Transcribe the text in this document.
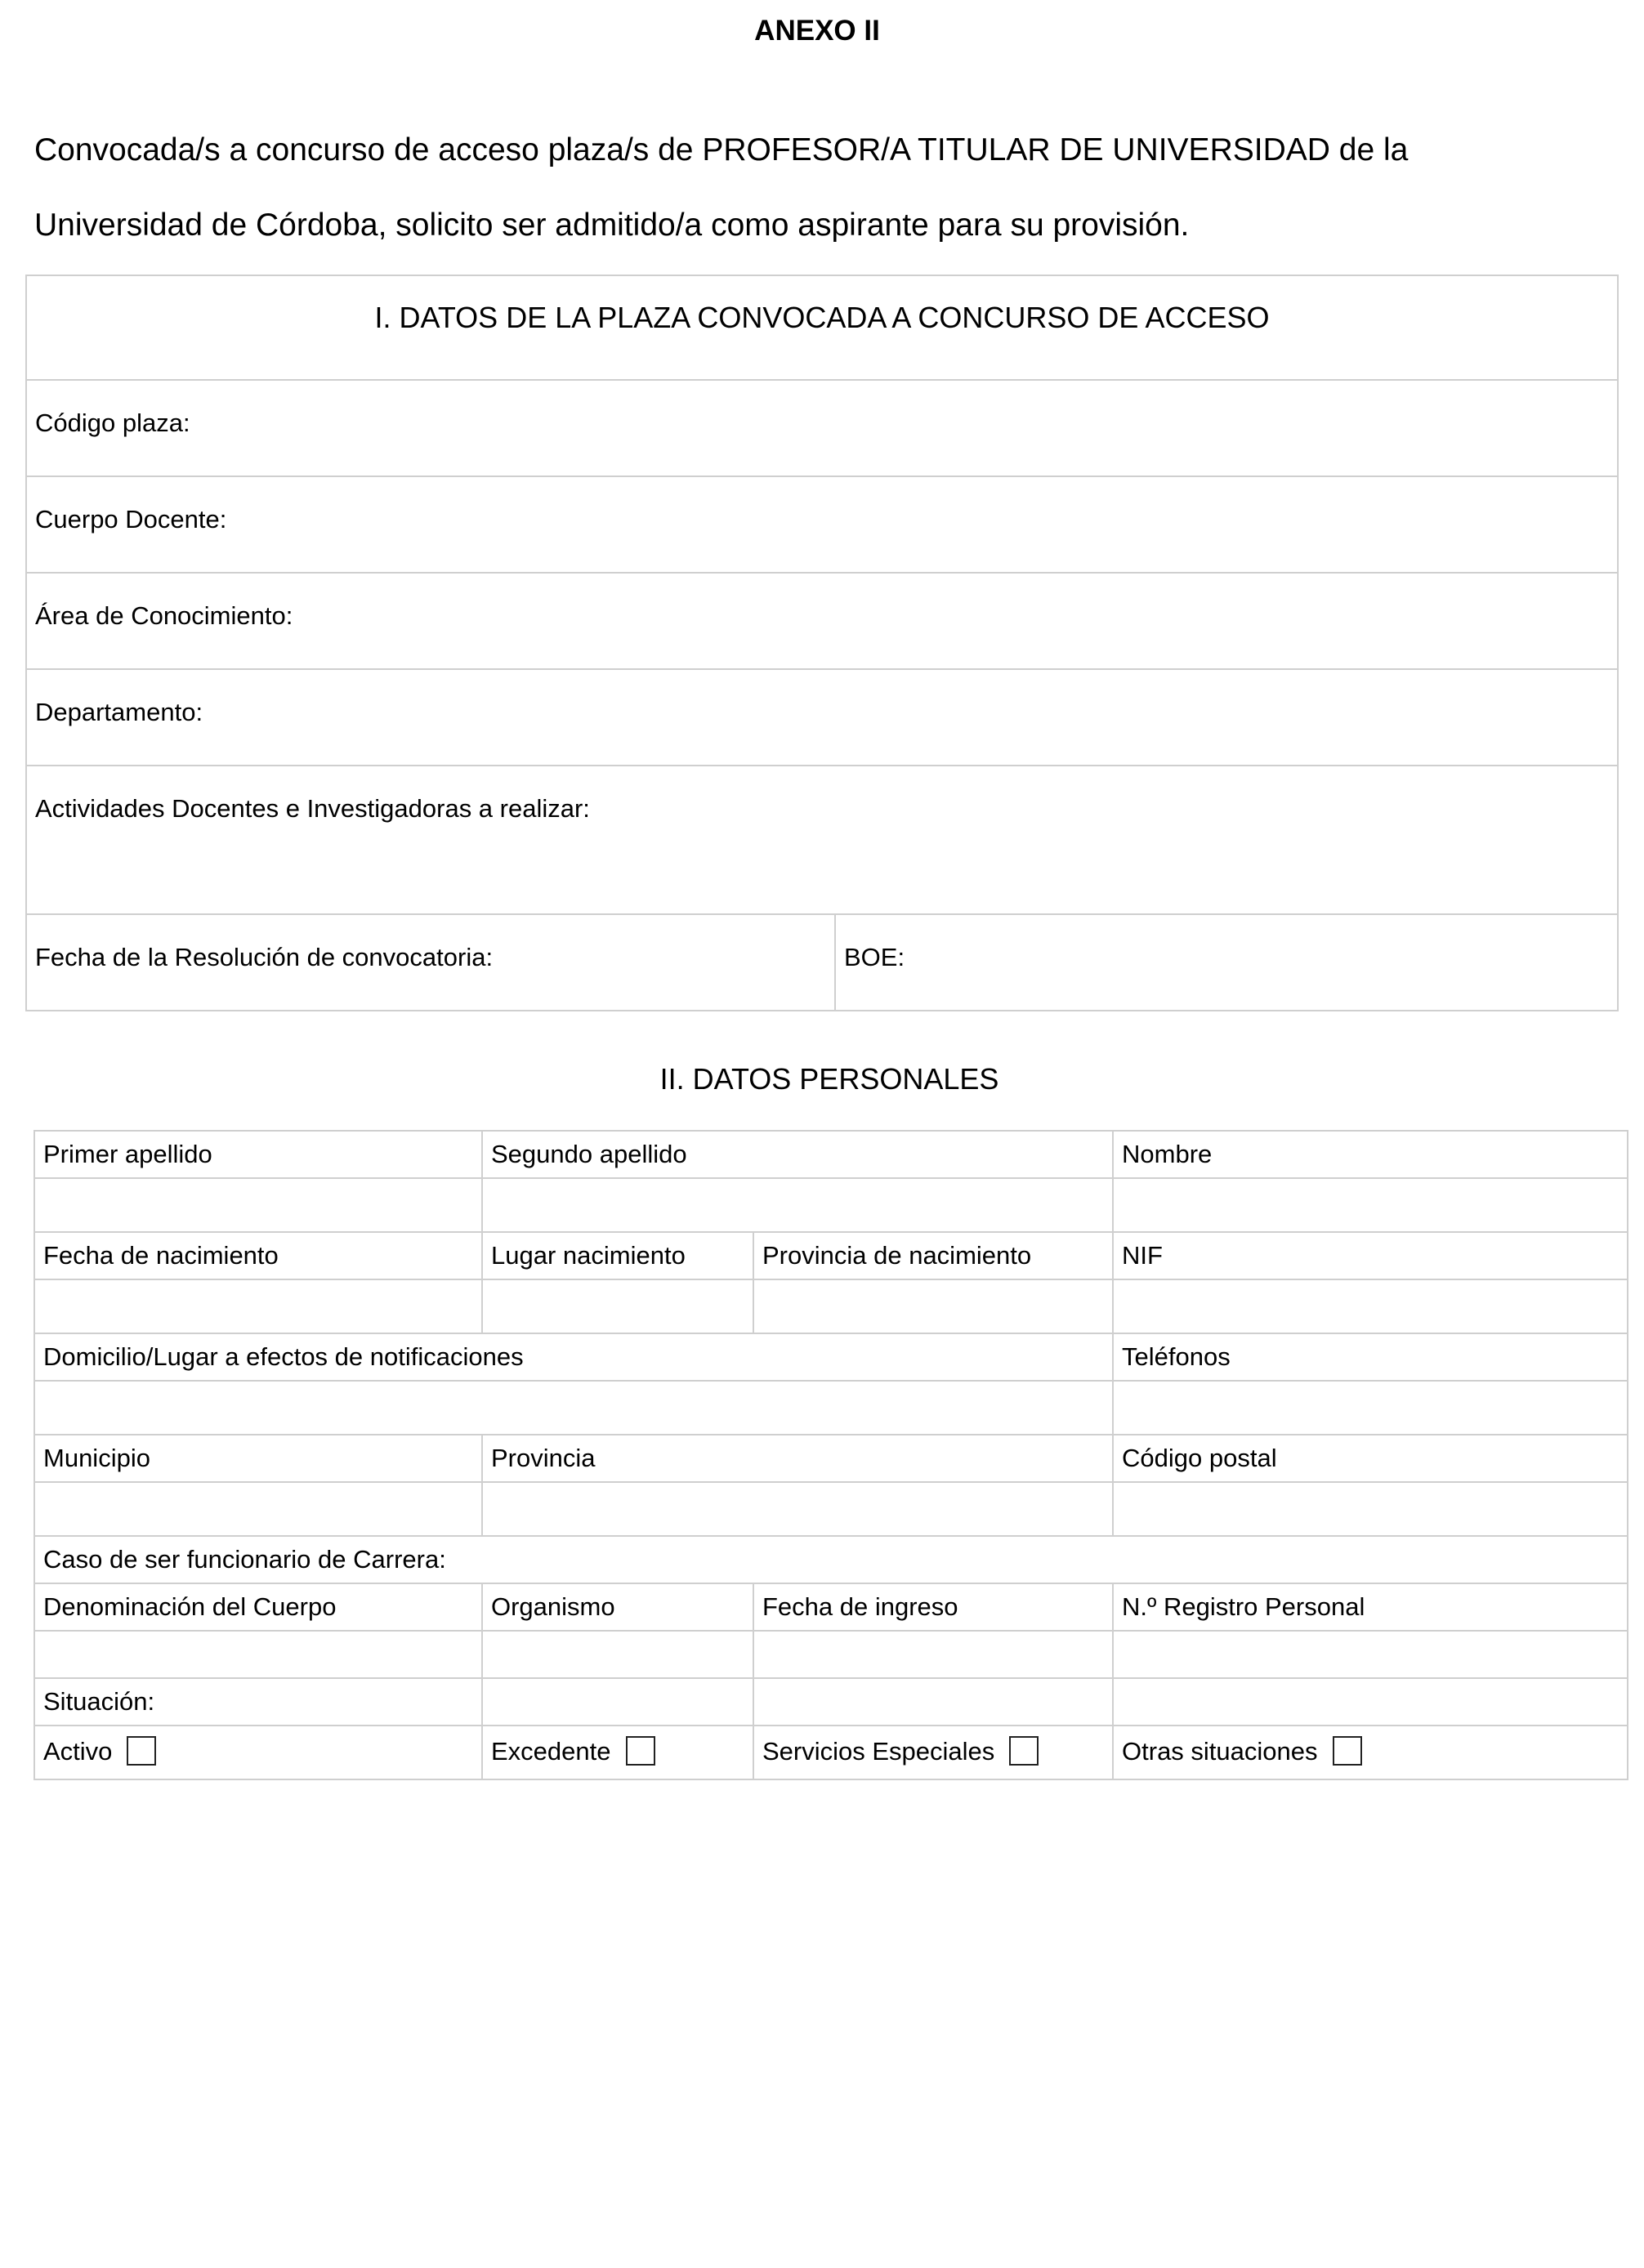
ANEXO II
Convocada/s a concurso de acceso plaza/s de PROFESOR/A TITULAR DE UNIVERSIDAD de la
Universidad de Córdoba, solicito ser admitido/a como aspirante para su provisión.
I. DATOS DE LA PLAZA CONVOCADA A CONCURSO DE ACCESO
Código plaza:
Cuerpo Docente:
Área de Conocimiento:
Departamento:
Actividades Docentes e Investigadoras a realizar:
Fecha de la Resolución de convocatoria:	BOE:
II. DATOS PERSONALES
Primer apellido	Segundo apellido		Nombre

Fecha de nacimiento	Lugar nacimiento	Provincia de nacimiento	NIF

Domicilio/Lugar a efectos de notificaciones			Teléfonos

Municipio	Provincia		Código postal

Caso de ser funcionario de Carrera:			
Denominación del Cuerpo	Organismo	Fecha de ingreso	N.º Registro Personal

Situación:			
Activo	Excedente	Servicios Especiales	Otras situaciones
